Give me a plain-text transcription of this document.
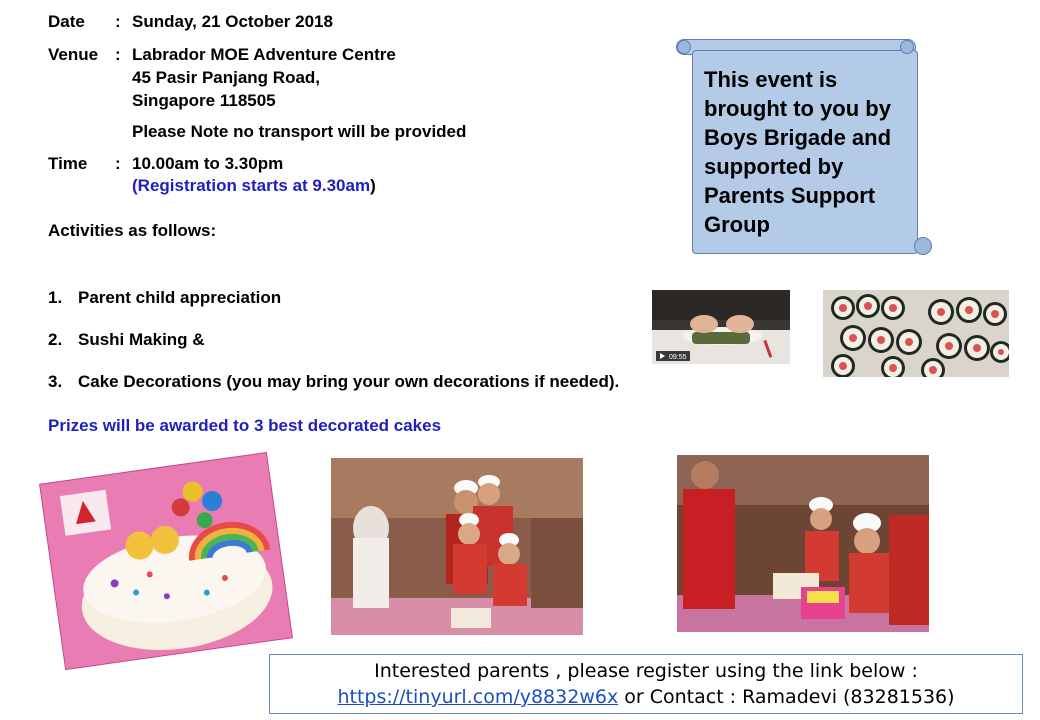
Date : Sunday, 21 October 2018
Venue : Labrador MOE Adventure Centre
45 Pasir Panjang Road,
Singapore 118505
Please Note no transport will be provided
Time : 10.00am to 3.30pm
(Registration starts at 9.30am)
Activities as follows:
1. Parent child appreciation
2. Sushi Making &
3. Cake Decorations (you may bring your own decorations if needed).
Prizes will be awarded to 3 best decorated cakes
This event is brought to you by Boys Brigade and supported by Parents Support Group
09:55
Interested parents , please register using the link below :
https://tinyurl.com/y8832w6x or Contact : Ramadevi (83281536)
